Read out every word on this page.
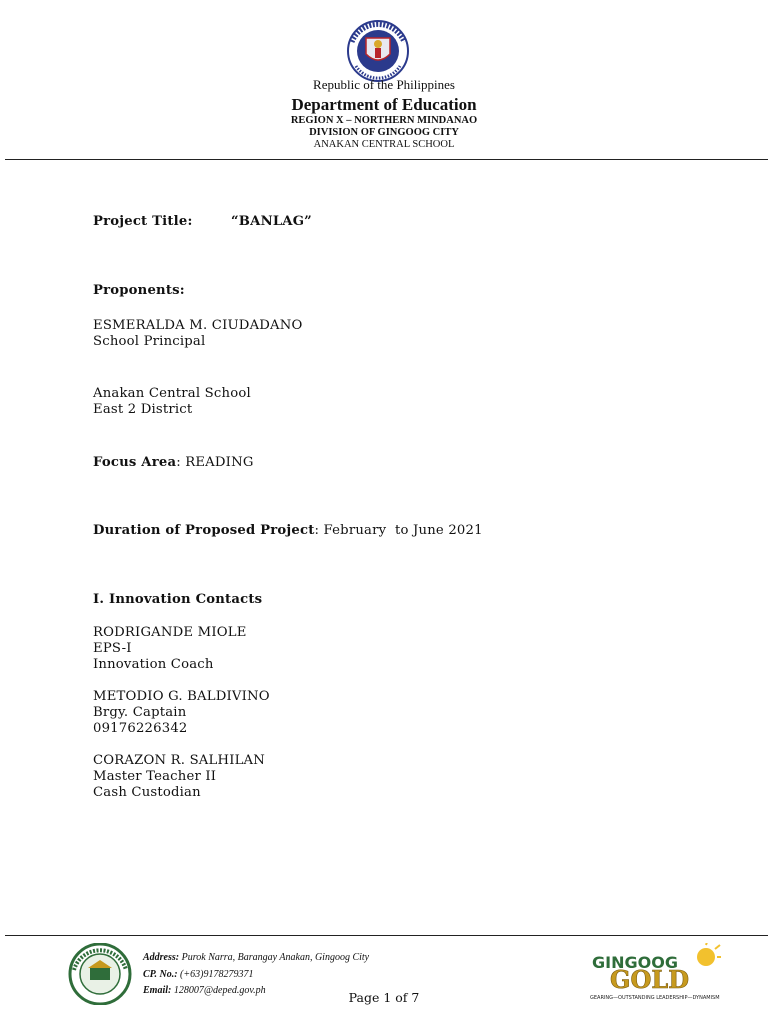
Republic of the Philippines
Department of Education
REGION X – NORTHERN MINDANAO
DIVISION OF GINGOOG CITY
ANAKAN CENTRAL SCHOOL
Project Title:	“BANLAG”
Proponents:
ESMERALDA M. CIUDADANO
School Principal
Anakan Central School
East 2 District
Focus Area: READING
Duration of Proposed Project: February  to June 2021
I. Innovation Contacts
RODRIGANDE MIOLE
EPS-I
Innovation Coach
METODIO G. BALDIVINO
Brgy. Captain
09176226342
CORAZON R. SALHILAN
Master Teacher II
Cash Custodian
Address: Purok Narra, Barangay Anakan, Gingoog City
CP. No.: (+63)9178279371
Email: 128007@deped.gov.ph	Page 1 of 7
GINGOOG
GOLD
GEARING—OUTSTANDING LEADERSHIP—DYNAMISM
